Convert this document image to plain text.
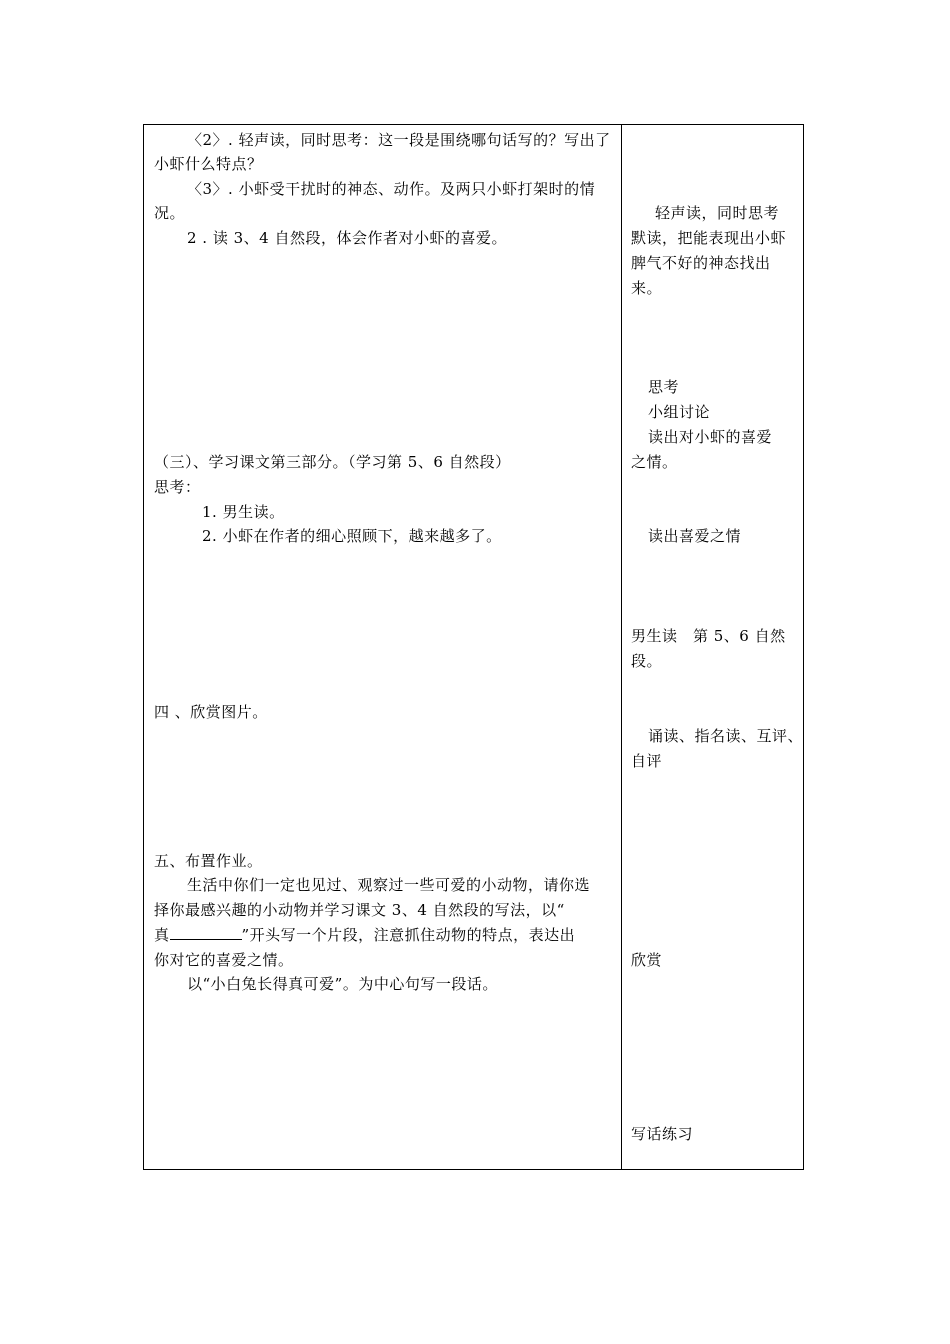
〈2〉. 轻声读，同时思考：这一段是围绕哪句话写的？写出了
小虾什么特点？
〈3〉. 小虾受干扰时的神态、动作。及两只小虾打架时的情
况。
2 . 读 3、4 自然段，体会作者对小虾的喜爱。
（三）、学习课文第三部分。（学习第 5、6 自然段）
思考：
1. 男生读。
2. 小虾在作者的细心照顾下，越来越多了。
四 、欣赏图片。
五、布置作业。
生活中你们一定也见过、观察过一些可爱的小动物，请你选
择你最感兴趣的小动物并学习课文 3、4 自然段的写法，以“
真	”开头写一个片段，注意抓住动物的特点，表达出
你对它的喜爱之情。
以“小白兔长得真可爱”。为中心句写一段话。
轻声读，同时思考
默读，把能表现出小虾
脾气不好的神态找出
来。
思考
小组讨论
读出对小虾的喜爱
之情。
读出喜爱之情
男生读　第 5、6 自然
段。
诵读、指名读、互评、
自评
欣赏
写话练习
